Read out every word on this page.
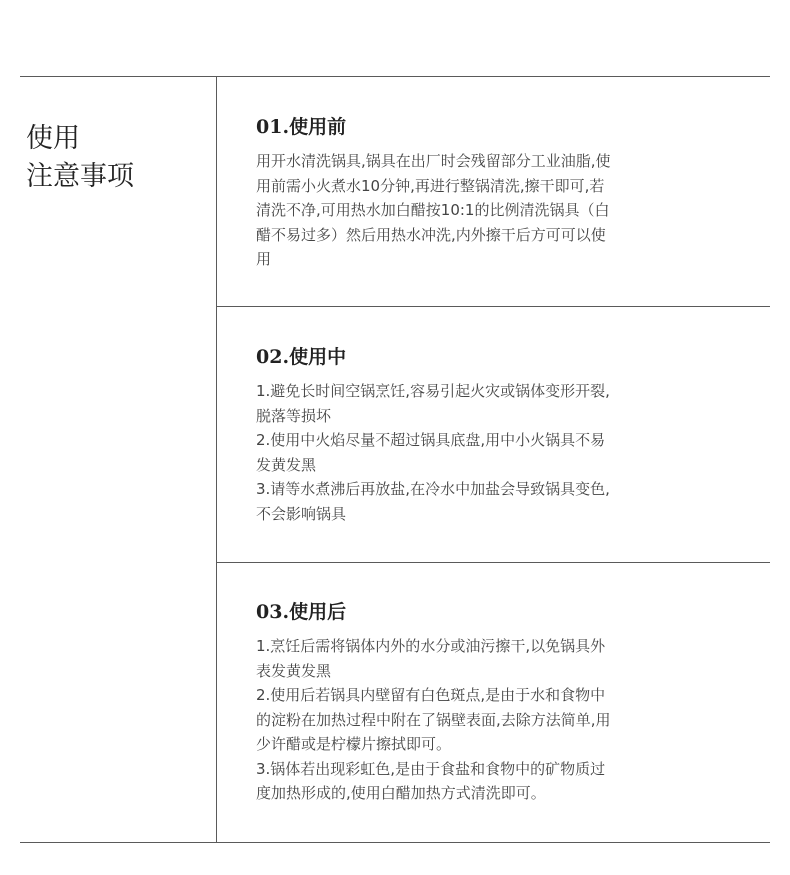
使用
注意事项
01.使用前
用开水清洗锅具,锅具在出厂时会残留部分工业油脂,使
用前需小火煮水10分钟,再进行整锅清洗,擦干即可,若
清洗不净,可用热水加白醋按10:1的比例清洗锅具（白
醋不易过多）然后用热水冲洗,内外擦干后方可可以使
用
02.使用中
1.避免长时间空锅烹饪,容易引起火灾或锅体变形开裂,
脱落等损坏
2.使用中火焰尽量不超过锅具底盘,用中小火锅具不易
发黄发黑
3.请等水煮沸后再放盐,在冷水中加盐会导致锅具变色,
不会影响锅具
03.使用后
1.烹饪后需将锅体内外的水分或油污擦干,以免锅具外
表发黄发黑
2.使用后若锅具内壁留有白色斑点,是由于水和食物中
的淀粉在加热过程中附在了锅壁表面,去除方法简单,用
少许醋或是柠檬片擦拭即可。
3.锅体若出现彩虹色,是由于食盐和食物中的矿物质过
度加热形成的,使用白醋加热方式清洗即可。
